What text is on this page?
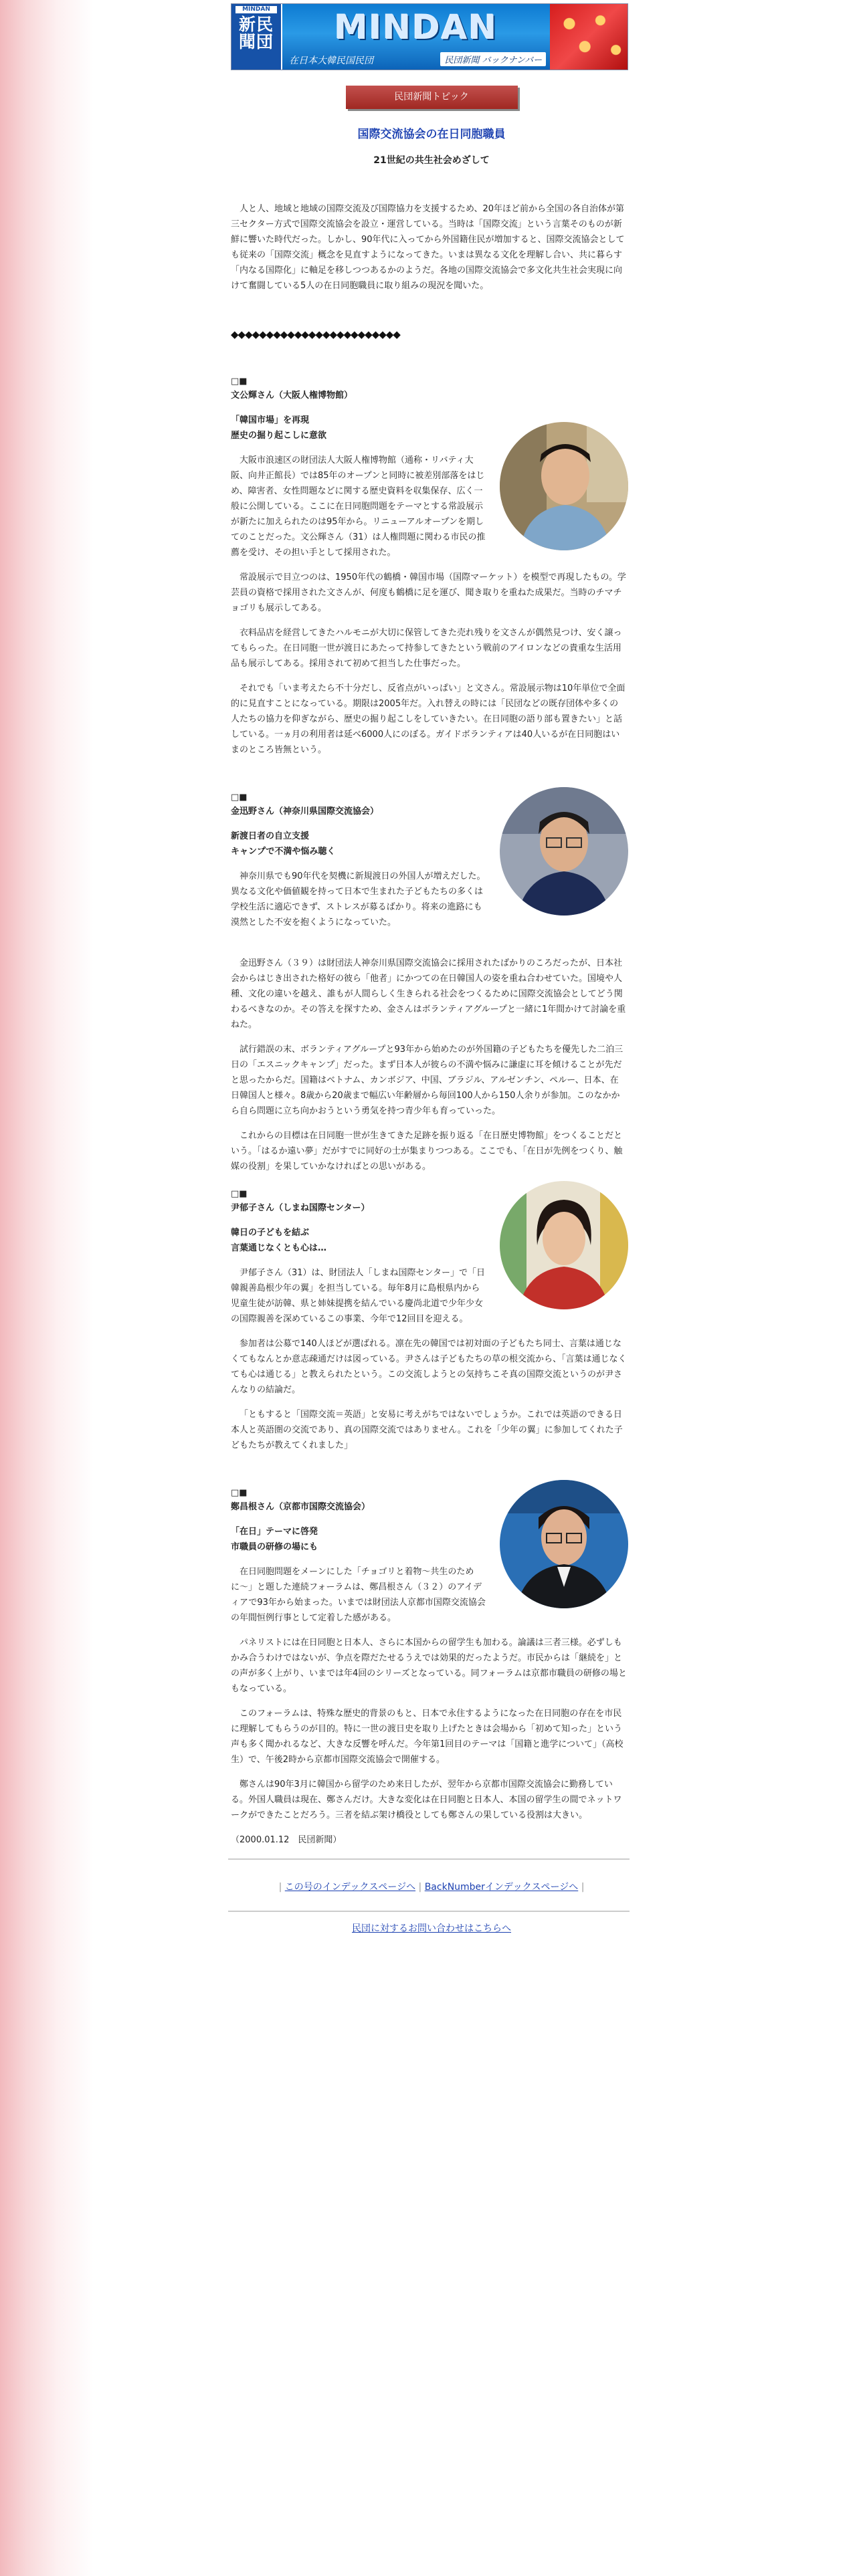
MINDAN
新民
聞団	MINDAN
在日本大韓民国民団	民団新聞 バックナンバー
民団新聞トピック
国際交流協会の在日同胞職員
21世紀の共生社会めざして
人と人、地域と地域の国際交流及び国際協力を支援するため、20年ほど前から全国の各自治体が第三セクター方式で国際交流協会を設立・運営している。当時は「国際交流」という言葉そのものが新鮮に響いた時代だった。しかし、90年代に入ってから外国籍住民が増加すると、国際交流協会としても従来の「国際交流」概念を見直すようになってきた。いまは異なる文化を理解し合い、共に暮らす「内なる国際化」に軸足を移しつつあるかのようだ。各地の国際交流協会で多文化共生社会実現に向けて奮闘している5人の在日同胞職員に取り組みの現況を聞いた。
◆◆◆◆◆◆◆◆◆◆◆◆◆◆◆◆◆◆◆◆◆◆◆◆
□■
文公輝さん（大阪人権博物館）
「韓国市場」を再現
歴史の掘り起こしに意欲
大阪市浪速区の財団法人大阪人権博物館（通称・リバティ大阪、向井正館長）では85年のオープンと同時に被差別部落をはじめ、障害者、女性問題などに関する歴史資料を収集保存、広く一般に公開している。ここに在日同胞問題をテーマとする常設展示が新たに加えられたのは95年から。リニューアルオープンを期してのことだった。文公輝さん（31）は人権問題に関わる市民の推薦を受け、その担い手として採用された。
常設展示で目立つのは、1950年代の鶴橋・韓国市場（国際マーケット）を模型で再現したもの。学芸員の資格で採用された文さんが、何度も鶴橋に足を運び、聞き取りを重ねた成果だ。当時のチマチョゴリも展示してある。
衣料品店を経営してきたハルモニが大切に保管してきた売れ残りを文さんが偶然見つけ、安く譲ってもらった。在日同胞一世が渡日にあたって持参してきたという戦前のアイロンなどの貴重な生活用品も展示してある。採用されて初めて担当した仕事だった。
それでも「いま考えたら不十分だし、反省点がいっぱい」と文さん。常設展示物は10年単位で全面的に見直すことになっている。期限は2005年だ。入れ替えの時には「民団などの既存団体や多くの人たちの協力を仰ぎながら、歴史の掘り起こしをしていきたい。在日同胞の語り部も置きたい」と話している。一ヵ月の利用者は延べ6000人にのぼる。ガイドボランティアは40人いるが在日同胞はいまのところ皆無という。
□■
金迅野さん（神奈川県国際交流協会）
新渡日者の自立支援
キャンプで不満や悩み聴く
神奈川県でも90年代を契機に新規渡日の外国人が増えだした。異なる文化や価値観を持って日本で生まれた子どもたちの多くは学校生活に適応できず、ストレスが募るばかり。将来の進路にも漠然とした不安を抱くようになっていた。
金迅野さん（３９）は財団法人神奈川県国際交流協会に採用されたばかりのころだったが、日本社会からはじき出された格好の彼ら「他者」にかつての在日韓国人の姿を重ね合わせていた。国境や人種、文化の違いを越え、誰もが人間らしく生きられる社会をつくるために国際交流協会としてどう関わるべきなのか。その答えを探すため、金さんはボランティアグループと一緒に1年間かけて討論を重ねた。
試行錯誤の末、ボランティアグループと93年から始めたのが外国籍の子どもたちを優先した二泊三日の「エスニックキャンプ」だった。まず日本人が彼らの不満や悩みに謙虚に耳を傾けることが先だと思ったからだ。国籍はベトナム、カンボジア、中国、ブラジル、アルゼンチン、ペルー、日本、在日韓国人と様々。8歳から20歳まで幅広い年齢層から毎回100人から150人余りが参加。このなかから自ら問題に立ち向かおうという勇気を持つ青少年も育っていった。
これからの目標は在日同胞一世が生きてきた足跡を振り返る「在日歴史博物館」をつくることだという。「はるか遠い夢」だがすでに同好の士が集まりつつある。ここでも、「在日が先例をつくり、触媒の役割」を果していかなければとの思いがある。
□■
尹郁子さん（しまね国際センター）
韓日の子どもを結ぶ
言葉通じなくとも心は…
尹郁子さん（31）は、財団法人「しまね国際センター」で「日韓親善島根少年の翼」を担当している。毎年8月に島根県内から児童生徒が訪韓、県と姉妹提携を結んでいる慶尚北道で少年少女の国際親善を深めているこの事業、今年で12回目を迎える。
参加者は公募で140人ほどが選ばれる。凛在先の韓国では初対面の子どもたち同士、言葉は通じなくてもなんとか意志疎通だけは図っている。尹さんは子どもたちの草の根交流から、「言葉は通じなくても心は通じる」と教えられたという。この交流しようとの気持ちこそ真の国際交流というのが尹さんなりの結論だ。
「ともすると「国際交流＝英語」と安易に考えがちではないでしょうか。これでは英語のできる日本人と英語圏の交流であり、真の国際交流ではありません。これを「少年の翼」に参加してくれた子どもたちが教えてくれました」
□■
鄭昌根さん（京都市国際交流協会）
「在日」テーマに啓発
市職員の研修の場にも
在日同胞問題をメーンにした「チョゴリと着物〜共生のために〜」と題した連続フォーラムは、鄭昌根さん（３２）のアイディアで93年から始まった。いまでは財団法人京都市国際交流協会の年間恒例行事として定着した感がある。
パネリストには在日同胞と日本人、さらに本国からの留学生も加わる。論議は三者三様。必ずしもかみ合うわけではないが、争点を際だたせるうえでは効果的だったようだ。市民からは「継続を」との声が多く上がり、いまでは年4回のシリーズとなっている。同フォーラムは京都市職員の研修の場ともなっている。
このフォーラムは、特殊な歴史的背景のもと、日本で永住するようになった在日同胞の存在を市民に理解してもらうのが目的。特に一世の渡日史を取り上げたときは会場から「初めて知った」という声も多く聞かれるなど、大きな反響を呼んだ。今年第1回目のテーマは「国籍と進学について」（高校生）で、午後2時から京都市国際交流協会で開催する。
鄭さんは90年3月に韓国から留学のため来日したが、翌年から京都市国際交流協会に勤務している。外国人職員は現在、鄭さんだけ。大きな変化は在日同胞と日本人、本国の留学生の間でネットワークができたことだろう。三者を結ぶ架け橋役としても鄭さんの果している役割は大きい。
（2000.01.12　民団新聞）
| この号のインデックスページへ | BackNumberインデックスページへ |
民団に対するお問い合わせはこちらへ
